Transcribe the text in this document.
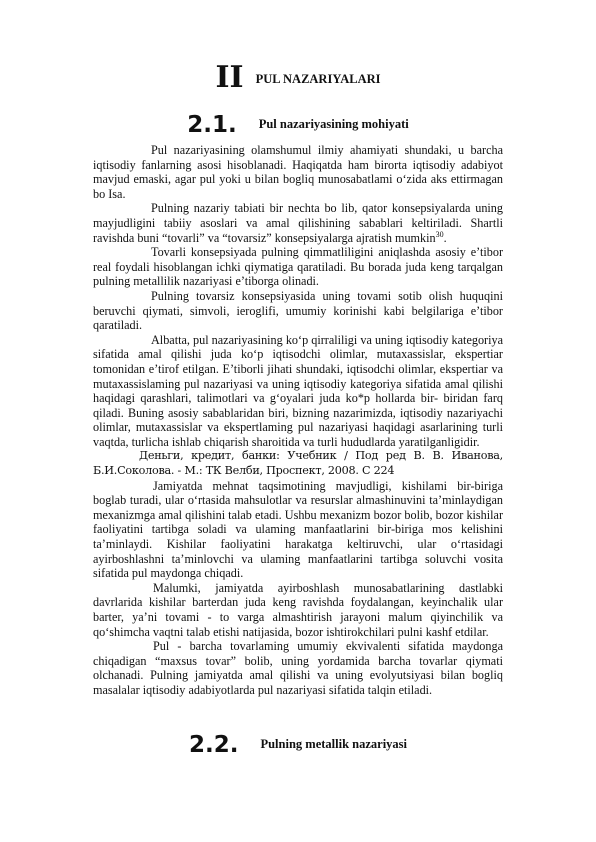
II $^{PUL NAZARIYALARI}$
2.1. $^{Pul nazariyasining mohiyati}$

Pul nazariyasining olamshumul ilmiy ahamiyati shundaki, u barcha iqtisodiy fanlarning asosi hisoblanadi. Haqiqatda ham birorta iqtisodiy adabiyot mavjud emaski, agar pul yoki u bilan bogliq munosabatlami o‘zida aks ettirmagan bo Isa.

Pulning nazariy tabiati bir nechta bo lib, qator konsepsiyalarda uning mayjudligini tabiiy asoslari va amal qilishining sabablari keltiriladi. Shartli ravishda buni “tovarli” va “tovarsiz” konsepsiyalarga ajratish mumkin$^{30}$.

Tovarli konsepsiyada pulning qimmatliligini aniqlashda asosiy e’tibor real foydali hisoblangan ichki qiymatiga qaratiladi. Bu borada juda keng tarqalgan pulning metallilik nazariyasi e’tiborga olinadi.

Pulning tovarsiz konsepsiyasida uning tovami sotib olish huquqini beruvchi qiymati, simvoli, ieroglifi, umumiy korinishi kabi belgilariga e’tibor qaratiladi.

Albatta, pul nazariyasining ko‘p qirraliligi va uning iqtisodiy kategoriya sifatida amal qilishi juda ko‘p iqtisodchi olimlar, mutaxassislar, ekspertiar tomonidan e’tirof etilgan. E’tiborli jihati shundaki, iqtisodchi olimlar, ekspertiar va mutaxassislaming pul nazariyasi va uning iqtisodiy kategoriya sifatida amal qilishi haqidagi qarashlari, talimotlari va g‘oyalari juda ko*p hollarda bir- biridan farq qiladi. Buning asosiy sabablaridan biri, bizning nazarimizda, iqtisodiy nazariyachi olimlar, mutaxassislar va ekspertlaming pul nazariyasi haqidagi asarlarining turli vaqtda, turlicha ishlab chiqarish sharoitida va turli hududlarda yaratilganligidir.

Деньги, кредит, банки: Учебник / Под ред В. В. Иванова, Б.И.Соколова. - М.: ТК Велби, Проспект, 2008. С 224

Jamiyatda mehnat taqsimotining mavjudligi, kishilami bir-biriga boglab turadi, ular o‘rtasida mahsulotlar va resurslar almashinuvini ta’minlaydigan mexanizmga amal qilishini talab etadi. Ushbu mexanizm bozor bolib, bozor kishilar faoliyatini tartibga soladi va ulaming manfaatlarini bir-biriga mos kelishini ta’minlaydi. Kishilar faoliyatini harakatga keltiruvchi, ular o‘rtasidagi ayirboshlashni ta’minlovchi va ulaming manfaatlarini tartibga soluvchi vosita sifatida pul maydonga chiqadi.

Malumki, jamiyatda ayirboshlash munosabatlarining dastlabki davrlarida kishilar barterdan juda keng ravishda foydalangan, keyinchalik ular barter, ya’ni tovami - to varga almashtirish jarayoni malum qiyinchilik va qo‘shimcha vaqtni talab etishi natijasida, bozor ishtirokchilari pulni kashf etdilar.

Pul - barcha tovarlaming umumiy ekvivalenti sifatida maydonga chiqadigan “maxsus tovar” bolib, uning yordamida barcha tovarlar qiymati olchanadi. Pulning jamiyatda amal qilishi va uning evolyutsiyasi bilan bogliq masalalar iqtisodiy adabiyotlarda pul nazariyasi sifatida talqin etiladi.

2.2. $^{Pulning metallik nazariyasi}$
